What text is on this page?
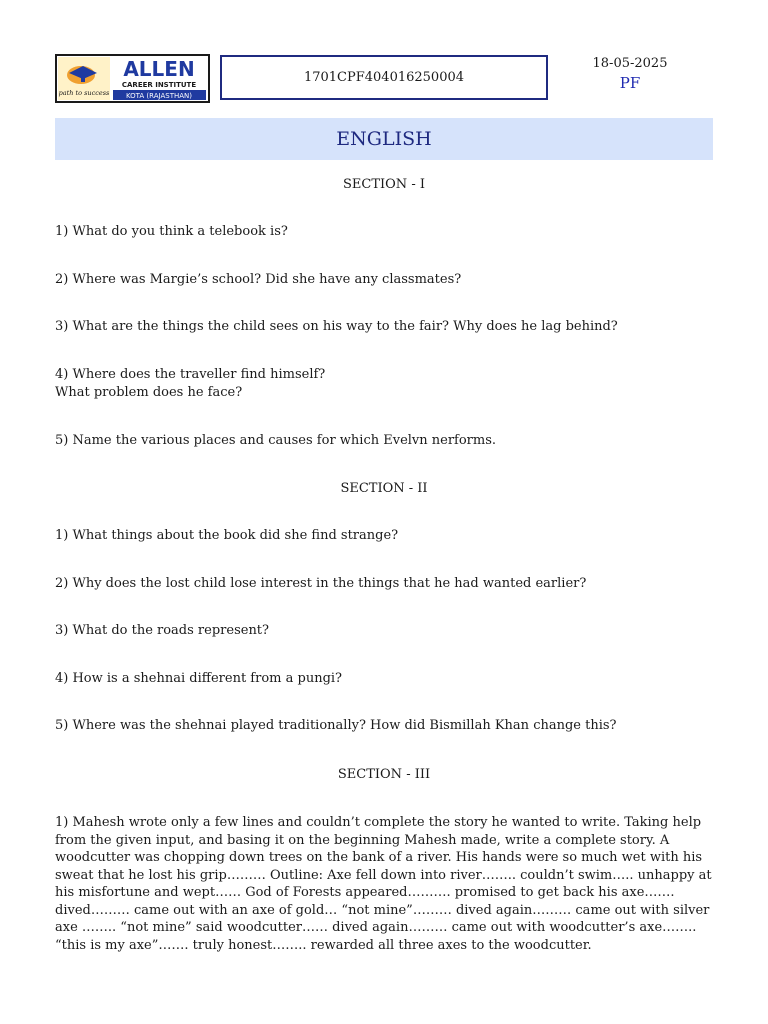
path to success
ALLEN
CAREER INSTITUTE
KOTA (RAJASTHAN)
1701CPF404016250004
18-05-2025
PF
ENGLISH
SECTION - I
1) What do you think a telebook is?
2) Where was Margie’s school? Did she have any classmates?
3) What are the things the child sees on his way to the fair? Why does he lag behind?
4) Where does the traveller find himself?
What problem does he face?
5) Name the various places and causes for which Evelvn nerforms.
SECTION - II
1) What things about the book did she find strange?
2) Why does the lost child lose interest in the things that he had wanted earlier?
3) What do the roads represent?
4) How is a shehnai different from a pungi?
5) Where was the shehnai played traditionally? How did Bismillah Khan change this?
SECTION - III
1) Mahesh wrote only a few lines and couldn’t complete the story he wanted to write. Taking help
from the given input, and basing it on the beginning Mahesh made, write a complete story. A
woodcutter was chopping down trees on the bank of a river. His hands were so much wet with his
sweat that he lost his grip……… Outline: Axe fell down into river…….. couldn’t swim….. unhappy at
his misfortune and wept…… God of Forests appeared………. promised to get back his axe…….
dived……… came out with an axe of gold… “not mine”……… dived again……… came out with silver
axe …….. “not mine” said woodcutter…… dived again……… came out with woodcutter’s axe……..
“this is my axe”……. truly honest…….. rewarded all three axes to the woodcutter.
